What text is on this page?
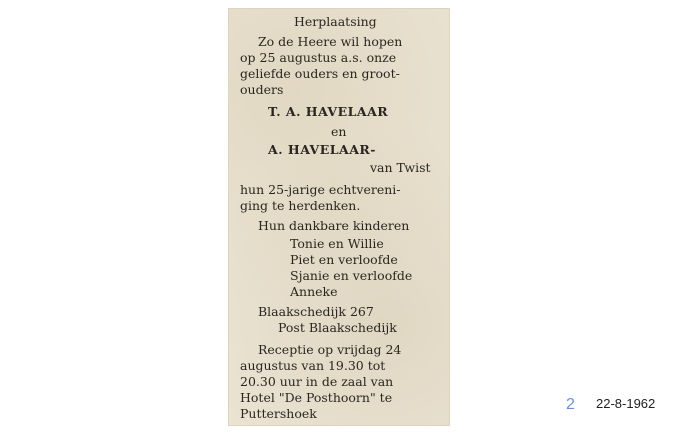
Herplaatsing
Zo de Heere wil hopen
op 25 augustus a.s. onze
geliefde ouders en groot-
ouders
T. A. HAVELAAR
en
A. HAVELAAR-
van Twist
hun 25-jarige echtvereni-
ging te herdenken.
Hun dankbare kinderen
Tonie en Willie
Piet en verloofde
Sjanie en verloofde
Anneke
Blaakschedijk 267
Post Blaakschedijk
Receptie op vrijdag 24
augustus van 19.30 tot
20.30 uur in de zaal van
Hotel "De Posthoorn" te
Puttershoek
2 22-8-1962
